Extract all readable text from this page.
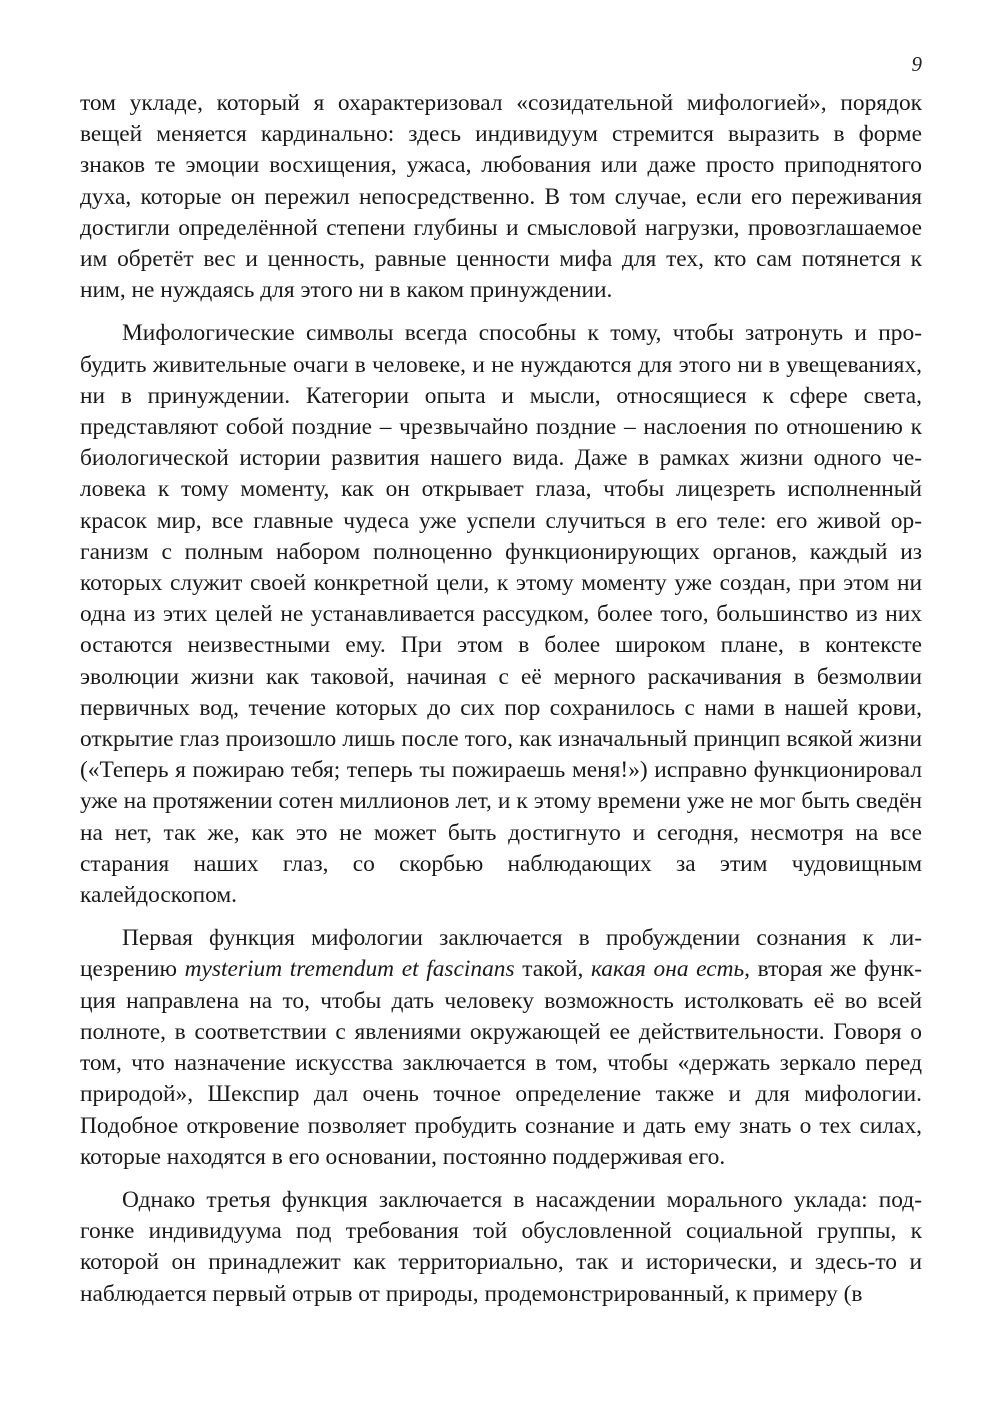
9

том укладе, который я охарактеризовал «созидательной мифологией», порядок вещей меняется кардинально: здесь индивидуум стремится выразить в форме знаков те эмоции восхищения, ужаса, любования или даже просто приподнятого духа, которые он пережил непосредственно. В том случае, если его переживания достигли определённой степени глубины и смысловой нагрузки, провозглашаемое им обретёт вес и ценность, равные ценности мифа для тех, кто сам потянется к ним, не нуждаясь для этого ни в каком принуждении.

Мифологические символы всегда способны к тому, чтобы затронуть и пробудить живительные очаги в человеке, и не нуждаются для этого ни в увещеваниях, ни в принуждении. Категории опыта и мысли, относящиеся к сфере света, представляют собой поздние – чрезвычайно поздние – наслоения по отношению к биологической истории развития нашего вида. Даже в рамках жизни одного человека к тому моменту, как он открывает глаза, чтобы лицезреть исполненный красок мир, все главные чудеса уже успели случиться в его теле: его живой организм с полным набором полноценно функционирующих органов, каждый из которых служит своей конкретной цели, к этому моменту уже создан, при этом ни одна из этих целей не устанавливается рассудком, более того, большинство из них остаются неизвестными ему. При этом в более широком плане, в контексте эволюции жизни как таковой, начиная с её мерного раскачивания в безмолвии первичных вод, течение которых до сих пор сохранилось с нами в нашей крови, открытие глаз произошло лишь после того, как изначальный принцип всякой жизни («Теперь я пожираю тебя; теперь ты пожираешь меня!») исправно функционировал уже на протяжении сотен миллионов лет, и к этому времени уже не мог быть сведён на нет, так же, как это не может быть достигнуто и сегодня, несмотря на все старания наших глаз, со скорбью наблюдающих за этим чудовищным калейдоскопом.

Первая функция мифологии заключается в пробуждении сознания к лицезрению mysterium tremendum et fascinans такой, какая она есть, вторая же функция направлена на то, чтобы дать человеку возможность истолковать её во всей полноте, в соответствии с явлениями окружающей ее действительности. Говоря о том, что назначение искусства заключается в том, чтобы «держать зеркало перед природой», Шекспир дал очень точное определение также и для мифологии. Подобное откровение позволяет пробудить сознание и дать ему знать о тех силах, которые находятся в его основании, постоянно поддерживая его.

Однако третья функция заключается в насаждении морального уклада: подгонке индивидуума под требования той обусловленной социальной группы, к которой он принадлежит как территориально, так и исторически, и здесь-то и наблюдается первый отрыв от природы, продемонстрированный, к примеру (в
